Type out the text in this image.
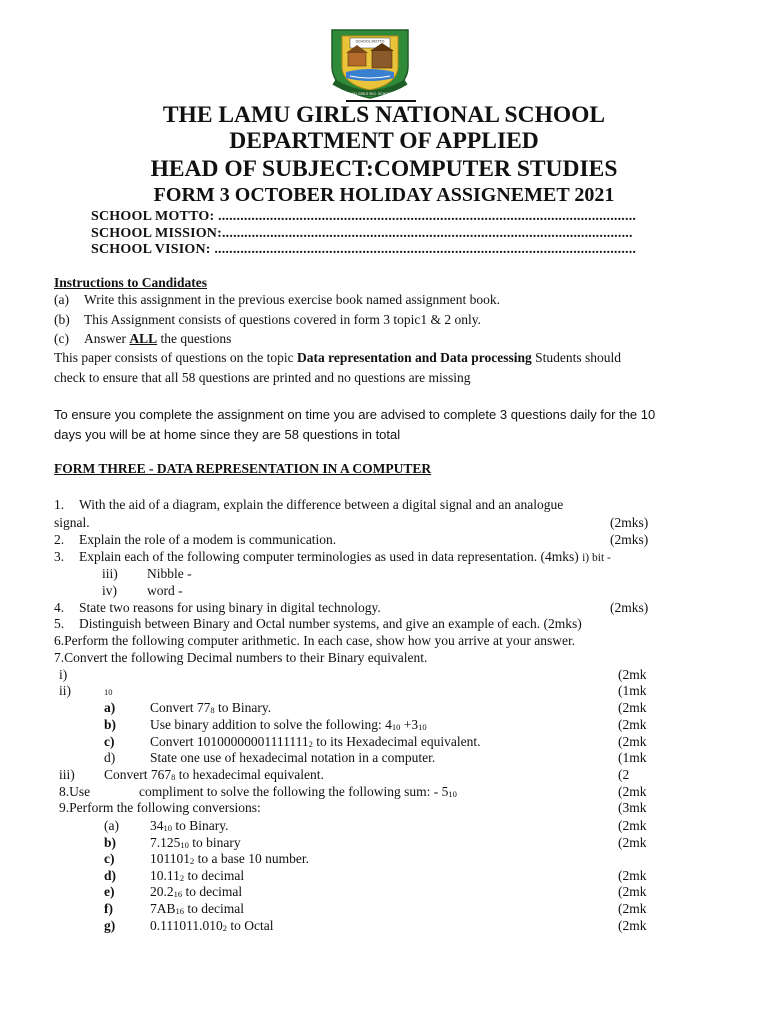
SCHOOL MOTTO
LAMU GIRLS SEC. SCHOOL
THE LAMU GIRLS NATIONAL SCHOOL
DEPARTMENT OF APPLIED
HEAD OF SUBJECT:COMPUTER STUDIES
FORM 3 OCTOBER HOLIDAY ASSIGNEMET 2021
SCHOOL MOTTO: .................................................................................................................
SCHOOL MISSION:...............................................................................................................
SCHOOL VISION: ..................................................................................................................
Instructions to Candidates
(a) Write this assignment in the previous exercise book named assignment book.
(b) This Assignment consists of questions covered in form 3 topic1 & 2 only.
(c) Answer ALL the questions
This paper consists of questions on the topic Data representation and Data processing Students should
check to ensure that all 58 questions are printed and no questions are missing
To ensure you complete the assignment on time you are advised to complete 3 questions daily for the 10
days you will be at home since they are 58 questions in total
FORM THREE - DATA REPRESENTATION IN A COMPUTER
1. With the aid of a diagram, explain the difference between a digital signal and an analogue
signal.	(2mks)
2. Explain the role of a modem is communication.	(2mks)
3. Explain each of the following computer terminologies as used in data representation. (4mks) i) bit -
iii) Nibble -
iv) word -
4. State two reasons for using binary in digital technology.	(2mks)
5. Distinguish between Binary and Octal number systems, and give an example of each. (2mks)
6.Perform the following computer arithmetic. In each case, show how you arrive at your answer.
7.Convert the following Decimal numbers to their Binary equivalent.
i)	(2mk
ii)	10	(1mk
a)	Convert $77_8$ to Binary.	(2mk
b)	Use binary addition to solve the following: $4_{10} +3_{10}$	(2mk
c)	Convert $10100000001111111_2$ to its Hexadecimal equivalent.	(2mk
d)	State one use of hexadecimal notation in a computer.	(1mk
iii) Convert $767_8$ to hexadecimal equivalent.	(2
8.Use	compliment to solve the following the following sum: - $5_{10}$	(2mk
9.Perform the following conversions:	(3mk
(a) $34_{10}$ to Binary.	(2mk
b)	$7.125_{10}$ to binary	(2mk
c)	$101101_2$ to a base 10 number.
d)	$10.11_2$ to decimal	(2mk
e)	$20.2_{16}$ to decimal	(2mk
f)	$7AB_{16}$ to decimal	(2mk
g)	$0.111011.010_2$ to Octal	(2mk
